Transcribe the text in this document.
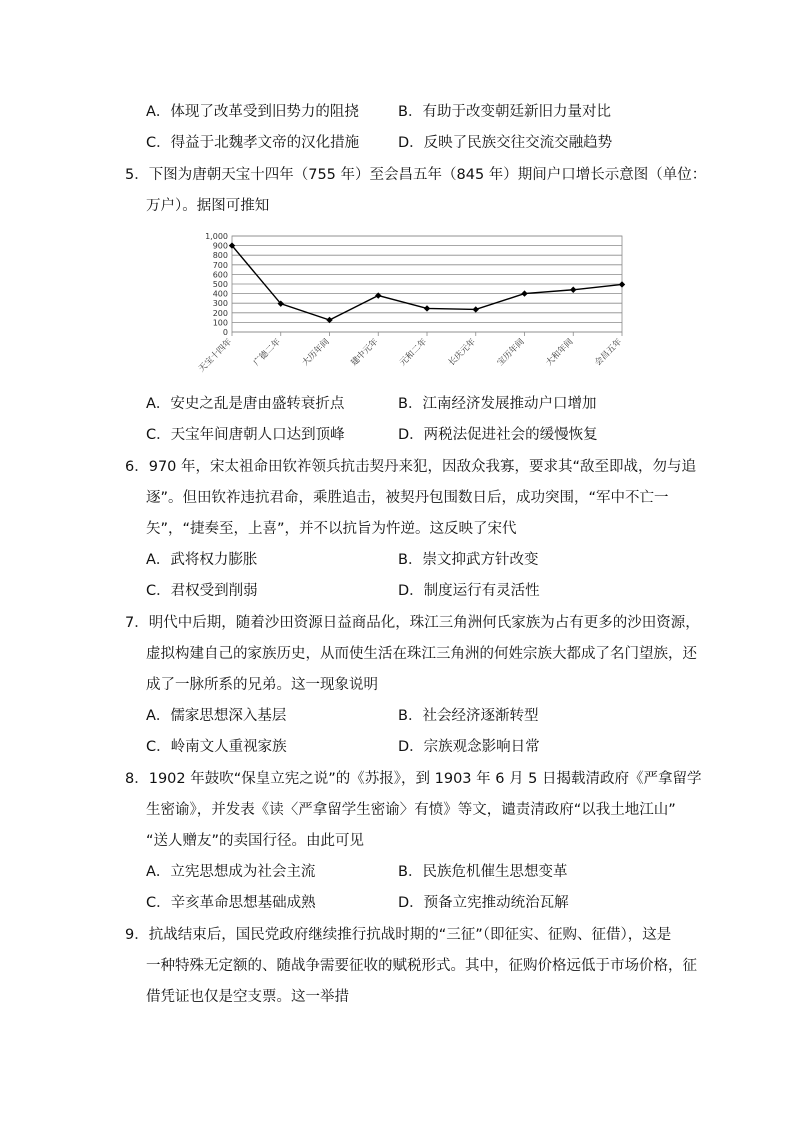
A．体现了改革受到旧势力的阻挠	B．有助于改变朝廷新旧力量对比
C．得益于北魏孝文帝的汉化措施	D．反映了民族交往交流交融趋势
5．下图为唐朝天宝十四年（755 年）至会昌五年（845 年）期间户口增长示意图（单位：
万户）。据图可推知
1,000
900
800
700
600
500
400
300
200
100
0
天宝十四年 广德二年 大历年间 建中元年 元和二年 长庆元年 宝历年间 大和年间 会昌五年
A．安史之乱是唐由盛转衰折点	B．江南经济发展推动户口增加
C．天宝年间唐朝人口达到顶峰	D．两税法促进社会的缓慢恢复
6．970 年，宋太祖命田钦祚领兵抗击契丹来犯，因敌众我寡，要求其“敌至即战，勿与追
逐”。但田钦祚违抗君命，乘胜追击，被契丹包围数日后，成功突围，“军中不亡一
矢”，“捷奏至，上喜”，并不以抗旨为忤逆。这反映了宋代
A．武将权力膨胀	B．崇文抑武方针改变
C．君权受到削弱	D．制度运行有灵活性
7．明代中后期，随着沙田资源日益商品化，珠江三角洲何氏家族为占有更多的沙田资源，
虚拟构建自己的家族历史，从而使生活在珠江三角洲的何姓宗族大都成了名门望族，还
成了一脉所系的兄弟。这一现象说明
A．儒家思想深入基层	B．社会经济逐渐转型
C．岭南文人重视家族	D．宗族观念影响日常
8．1902 年鼓吹“保皇立宪之说”的《苏报》，到 1903 年 6 月 5 日揭载清政府《严拿留学
生密谕》，并发表《读〈严拿留学生密谕〉有愤》等文，谴责清政府“以我土地江山”
“送人赠友”的卖国行径。由此可见
A．立宪思想成为社会主流	B．民族危机催生思想变革
C．辛亥革命思想基础成熟	D．预备立宪推动统治瓦解
9．抗战结束后，国民党政府继续推行抗战时期的“三征”（即征实、征购、征借），这是
一种特殊无定额的、随战争需要征收的赋税形式。其中，征购价格远低于市场价格，征
借凭证也仅是空支票。这一举措
